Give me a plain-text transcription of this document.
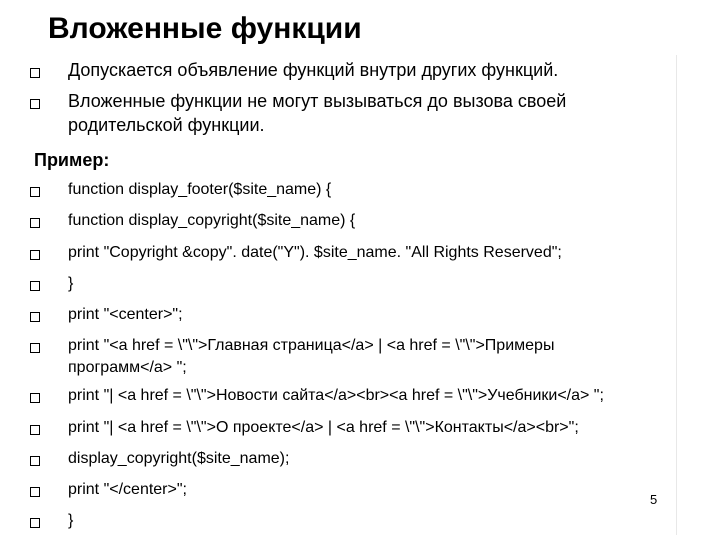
Вложенные функции

Допускается объявление функций внутри других функций.

Вложенные функции не могут вызываться до вызова своей родительской функции.

Пример:

function display_footer($site_name) {

function display_copyright($site_name) {

print "Copyright &copy". date("Y"). $site_name. "All Rights Reserved";

}

print "<center>";

print "<a href = \"\">Главная страница</a> | <a href = \"\">Примеры программ</a> ";

print "| <a href = \"\">Новости сайта</a><br><a href = \"\">Учебники</a> ";

print "| <a href = \"\">О проекте</a> | <a href = \"\">Контакты</a><br>";

display_copyright($site_name);

print "</center>";

}

5
